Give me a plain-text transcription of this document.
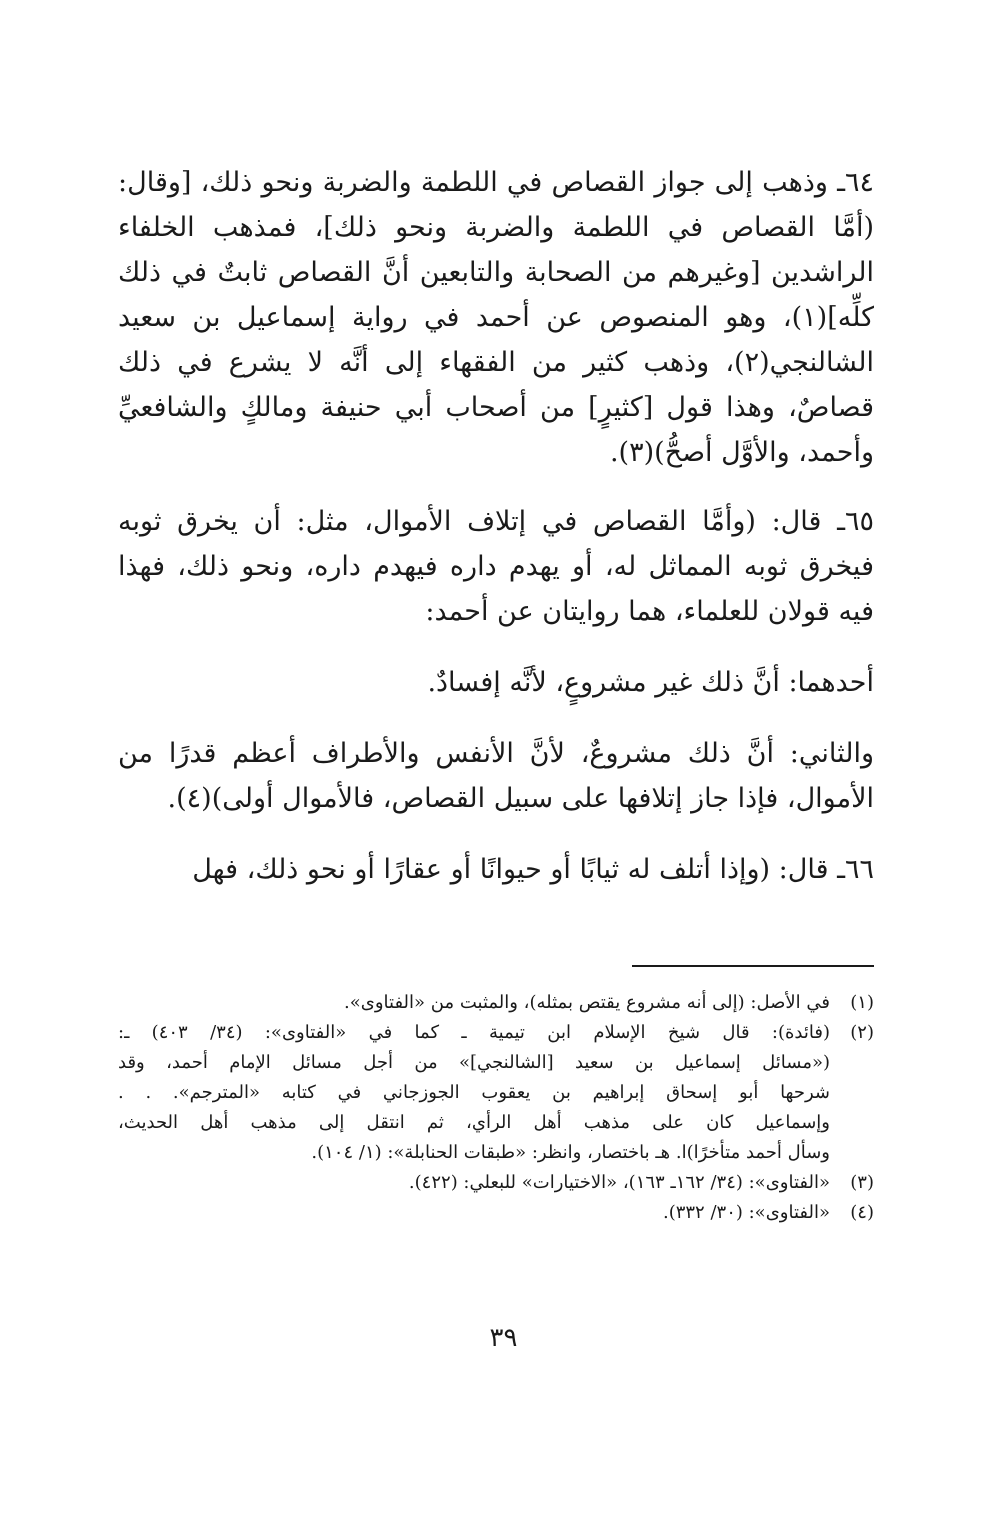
٦٤ـ وذهب إلى جواز القصاص في اللطمة والضربة ونحو ذلك، [وقال: (أمَّا القصاص في اللطمة والضربة ونحو ذلك]، فمذهب الخلفاء الراشدين [وغيرهم من الصحابة والتابعين أنَّ القصاص ثابتٌ في ذلك كلِّه](١)، وهو المنصوص عن أحمد في رواية إسماعيل بن سعيد الشالنجي(٢)، وذهب كثير من الفقهاء إلى أنَّه لا يشرع في ذلك قصاصٌ، وهذا قول [كثيرٍ] من أصحاب أبي حنيفة ومالكٍ والشافعيِّ وأحمد، والأوَّل أصحُّ)(٣).

٦٥ـ قال: (وأمَّا القصاص في إتلاف الأموال، مثل: أن يخرق ثوبه فيخرق ثوبه المماثل له، أو يهدم داره فيهدم داره، ونحو ذلك، فهذا فيه قولان للعلماء، هما روايتان عن أحمد:

أحدهما: أنَّ ذلك غير مشروعٍ، لأنَّه إفسادٌ.

والثاني: أنَّ ذلك مشروعٌ، لأنَّ الأنفس والأطراف أعظم قدرًا من الأموال، فإذا جاز إتلافها على سبيل القصاص، فالأموال أولى)(٤).

٦٦ـ قال: (وإذا أتلف له ثيابًا أو حيوانًا أو عقارًا أو نحو ذلك، فهل

(١)
في الأصل: (إلى أنه مشروع يقتص بمثله)، والمثبت من «الفتاوى».
(٢)
(فائدة): قال شيخ الإسلام ابن تيمية ـ كما في «الفتاوى»: (٣٤/ ٤٠٣) ـ:
(«مسائل إسماعيل بن سعيد [الشالنجي]» من أجل مسائل الإمام أحمد، وقد
شرحها أبو إسحاق إبراهيم بن يعقوب الجوزجاني في كتابه «المترجم». . .
وإسماعيل كان على مذهب أهل الرأي، ثم انتقل إلى مذهب أهل الحديث،
وسأل أحمد متأخرًا)ا. هـ باختصار، وانظر: «طبقات الحنابلة»: (١/ ١٠٤).
(٣)
«الفتاوى»: (٣٤/ ١٦٢ـ ١٦٣)، «الاختيارات» للبعلي: (٤٢٢).
(٤)
«الفتاوى»: (٣٠/ ٣٣٢).
٣٩
